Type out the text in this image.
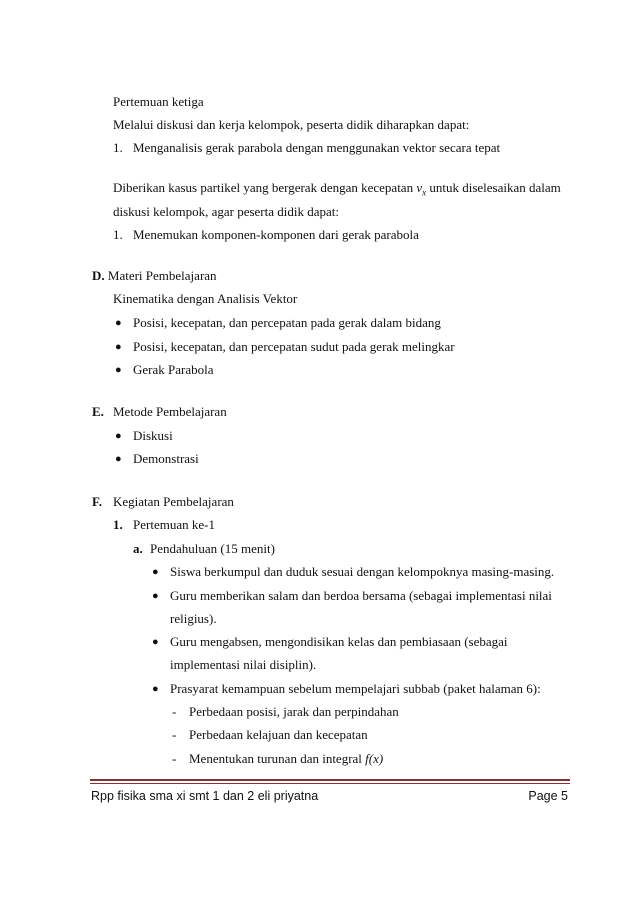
Pertemuan ketiga
Melalui diskusi dan kerja kelompok, peserta didik diharapkan dapat:
1. Menganalisis gerak parabola dengan menggunakan vektor secara tepat
Diberikan kasus partikel yang bergerak dengan kecepatan $v_x$ untuk diselesaikan dalam
diskusi kelompok, agar peserta didik dapat:
1. Menemukan komponen-komponen dari gerak parabola
D. Materi Pembelajaran
Kinematika dengan Analisis Vektor
● Posisi, kecepatan, dan percepatan pada gerak dalam bidang
● Posisi, kecepatan, dan percepatan sudut pada gerak melingkar
● Gerak Parabola
E. Metode Pembelajaran
● Diskusi
● Demonstrasi
F. Kegiatan Pembelajaran
1. Pertemuan ke-1
a. Pendahuluan (15 menit)
● Siswa berkumpul dan duduk sesuai dengan kelompoknya masing-masing.
● Guru memberikan salam dan berdoa bersama (sebagai implementasi nilai
religius).
● Guru mengabsen, mengondisikan kelas dan pembiasaan (sebagai
implementasi nilai disiplin).
● Prasyarat kemampuan sebelum mempelajari subbab (paket halaman 6):
- Perbedaan posisi, jarak dan perpindahan
- Perbedaan kelajuan dan kecepatan
- Menentukan turunan dan integral f(x)
Rpp fisika sma xi smt 1 dan 2 eli priyatna	Page 5
